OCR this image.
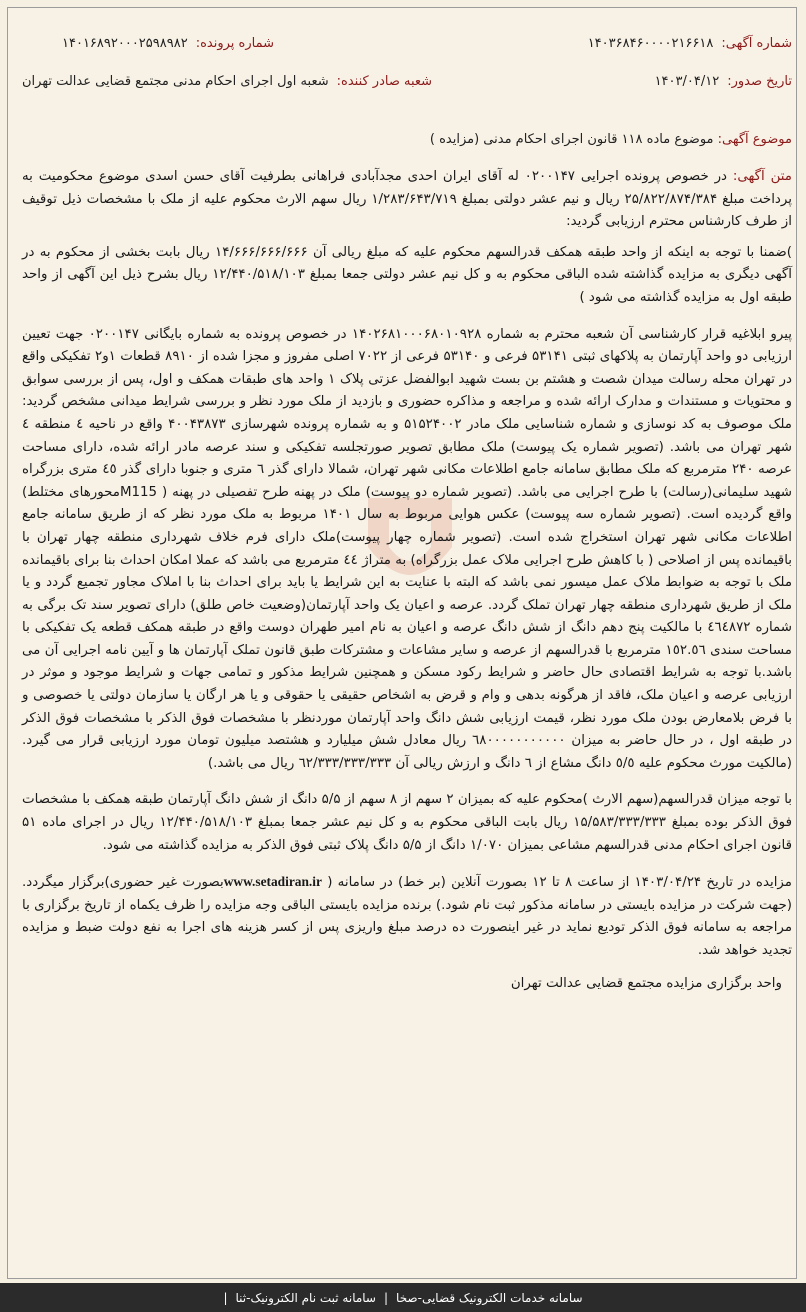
شماره آگهی:
۱۴۰۳۶۸۴۶۰۰۰۰۲۱۶۶۱۸
شماره پرونده:
۱۴۰۱۶۸۹۲۰۰۰۲۵۹۸۹۸۲
تاریخ صدور:
۱۴۰۳/۰۴/۱۲
شعبه صادر کننده:
شعبه اول اجرای احکام مدنی مجتمع قضایی عدالت تهران
موضوع آگهی: موضوع ماده ۱۱۸ قانون اجرای احکام مدنی (مزایده )

متن آگهی: در خصوص پرونده اجرایی ۰۲۰۰۱۴۷ له آقای ایران احدی مجدآبادی فراهانی بطرفیت آقای حسن اسدی موضوع محکومیت به پرداخت مبلغ ۲۵/۸۲۲/۸۷۴/۳۸۴ ریال و نیم عشر دولتی بمبلغ ۱/۲۸۳/۶۴۳/۷۱۹ ریال سهم الارث محکوم علیه از ملک با مشخصات ذیل توقیف از طرف کارشناس محترم ارزیابی گردید:

)ضمنا با توجه به اینکه از واحد طبقه همکف قدرالسهم محکوم علیه که مبلغ ریالی آن ۱۴/۶۶۶/۶۶۶/۶۶۶ ریال بابت بخشی از محکوم به در آگهی دیگری به مزایده گذاشته شده الباقی محکوم به و کل نیم عشر دولتی جمعا بمبلغ ۱۲/۴۴۰/۵۱۸/۱۰۳ ریال بشرح ذیل این آگهی از واحد طبقه اول به مزایده گذاشته می شود )

پیرو ابلاغیه قرار کارشناسی آن شعبه محترم به شماره ۱۴۰۲۶۸۱۰۰۰۶۸۰۱۰۹۲۸ در خصوص پرونده به شماره بایگانی ۰۲۰۰۱۴۷ جهت تعیین ارزیابی دو واحد آپارتمان به پلاکهای ثبتی ۵۳۱۴۱ فرعی و ۵۳۱۴۰ فرعی از ۷۰۲۲ اصلی مفروز و مجزا شده از ۸۹۱۰ قطعات ۱و۲ تفکیکی واقع در تهران محله رسالت میدان شصت و هشتم بن بست شهید ابوالفضل عزتی پلاک ۱ واحد های طبقات همکف و اول، پس از بررسی سوابق و محتویات و مستندات و مدارک ارائه شده و مراجعه و مذاکره حضوری و بازدید از ملک مورد نظر و بررسی شرایط میدانی مشخص گردید: ملک موصوف به کد نوسازی و شماره شناسایی ملک مادر ۵۱۵۲۴۰۰۲ و به شماره پرونده شهرسازی ۴۰۰۴۳۸۷۳ واقع در ناحیه ٤ منطقه ٤ شهر تهران می باشد. (تصویر شماره یک پیوست) ملک مطابق تصویر صورتجلسه تفکیکی و سند عرصه مادر ارائه شده، دارای مساحت عرصه ۲۴۰ مترمربع که ملک مطابق سامانه جامع اطلاعات مکانی شهر تهران، شمالا دارای گذر ٦ متری و جنوبا دارای گذر ٤٥ متری بزرگراه شهید سلیمانی(رسالت) با طرح اجرایی می باشد. (تصویر شماره دو پیوست) ملک در پهنه طرح تفصیلی در پهنه ( M115محورهای مختلط) واقع گردیده است. (تصویر شماره سه پیوست) عکس هوایی مربوط به سال ۱۴۰۱ مربوط به ملک مورد نظر که از طریق سامانه جامع اطلاعات مکانی شهر تهران استخراج شده است. (تصویر شماره چهار پیوست)ملک دارای فرم خلاف شهرداری منطقه چهار تهران با باقیمانده پس از اصلاحی ( با کاهش طرح اجرایی ملاک عمل بزرگراه) به متراژ ٤٤ مترمربع می باشد که عملا امکان احداث بنا برای باقیمانده ملک با توجه به ضوابط ملاک عمل میسور نمی باشد که البته با عنایت به این شرایط یا باید برای احداث بنا با املاک مجاور تجمیع گردد و یا ملک از طریق شهرداری منطقه چهار تهران تملک گردد. عرصه و اعیان یک واحد آپارتمان(وضعیت خاص طلق) دارای تصویر سند تک برگی به شماره ٤٦٤٨٧۲ با مالکیت پنج دهم دانگ از شش دانگ عرصه و اعیان به نام امیر طهران دوست واقع در طبقه همکف قطعه یک تفکیکی با مساحت سندی ١٥٢.٥٦ مترمربع با قدرالسهم از عرصه و سایر مشاعات و مشترکات طبق قانون تملک آپارتمان ها و آیین نامه اجرایی آن می باشد.با توجه به شرایط اقتصادی حال حاضر و شرایط رکود مسکن و همچنین شرایط مذکور و تمامی جهات و شرایط موجود و موثر در ارزیابی عرصه و اعیان ملک، فاقد از هرگونه بدهی و وام و قرض به اشخاص حقیقی یا حقوقی و یا هر ارگان یا سازمان دولتی یا خصوصی و با فرض بلامعارض بودن ملک مورد نظر، قیمت ارزیابی شش دانگ واحد آپارتمان موردنظر با مشخصات فوق الذکر با مشخصات فوق الذکر در طبقه اول ، در حال حاضر به میزان ٦٨٠٠٠٠٠٠٠٠٠٠٠ ریال معادل شش میلیارد و هشتصد میلیون تومان مورد ارزیابی قرار می گیرد. (مالکیت مورث محکوم علیه ٥/٥ دانگ مشاع از ٦ دانگ و ارزش ریالی آن ٦٢/٣٣٣/٣٣٣/٣٣٣ ریال می باشد.)

با توجه میزان قدرالسهم(سهم الارث )محکوم علیه که بمیزان ۲ سهم از ۸ سهم از ۵/۵ دانگ از شش دانگ آپارتمان طبقه همکف با مشخصات فوق الذکر بوده بمبلغ ۱۵/۵۸۳/۳۳۳/۳۳۳ ریال بابت الباقی محکوم به و کل نیم عشر جمعا بمبلغ ۱۲/۴۴۰/۵۱۸/۱۰۳ ریال در اجرای ماده ۵۱ قانون اجرای احکام مدنی قدرالسهم مشاعی بمیزان ۱/۰۷۰ دانگ از ۵/۵ دانگ پلاک ثبتی فوق الذکر به مزایده گذاشته می شود.

مزایده در تاریخ ۱۴۰۳/۰۴/۲۴ از ساعت ۸ تا ۱۲ بصورت آنلاین (بر خط) در سامانه ( www.setadiran.irبصورت غیر حضوری)برگزار میگردد. (جهت شرکت در مزایده بایستی در سامانه مذکور ثبت نام شود.) برنده مزایده بایستی الباقی وجه مزایده را ظرف یکماه از تاریخ برگزاری با مراجعه به سامانه فوق الذکر تودیع نماید در غیر اینصورت ده درصد مبلغ واریزی پس از کسر هزینه های اجرا به نفع دولت ضبط و مزایده تجدید خواهد شد.

واحد برگزاری مزایده مجتمع قضایی عدالت تهران
سامانه خدمات الکترونیک قضایی-صخا
|
سامانه ثبت نام الکترونیک-ثنا
|
